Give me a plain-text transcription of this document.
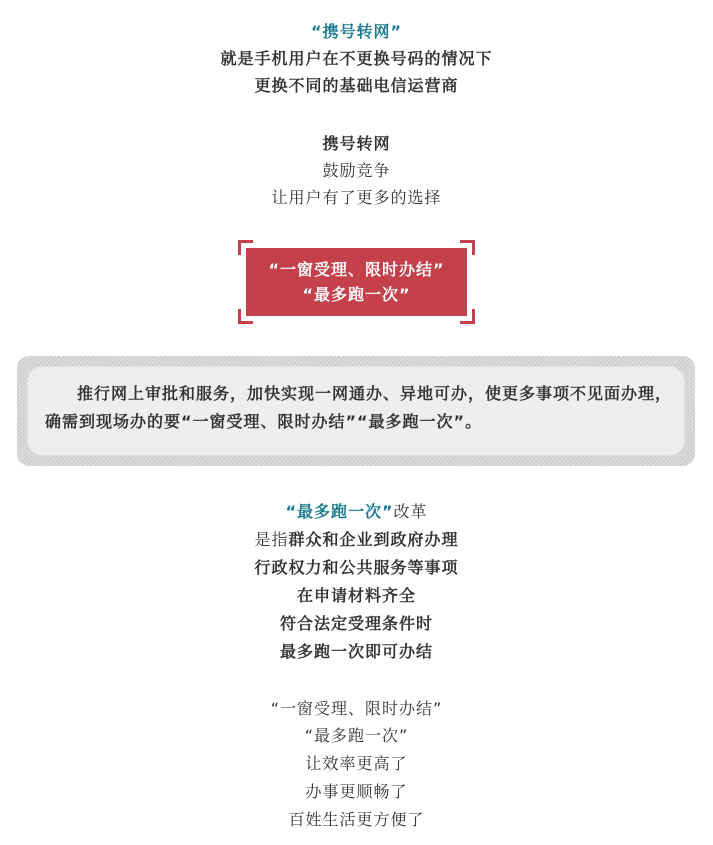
“携号转网”
就是手机用户在不更换号码的情况下
更换不同的基础电信运营商
携号转网
鼓励竞争
让用户有了更多的选择
“一窗受理、限时办结”
“最多跑一次”
推行网上审批和服务，加快实现一网通办、异地可办，使更多事项不见面办理，确需到现场办的要“一窗受理、限时办结”“最多跑一次”。
“最多跑一次”改革
是指群众和企业到政府办理
行政权力和公共服务等事项
在申请材料齐全
符合法定受理条件时
最多跑一次即可办结
“一窗受理、限时办结”
“最多跑一次”
让效率更高了
办事更顺畅了
百姓生活更方便了
